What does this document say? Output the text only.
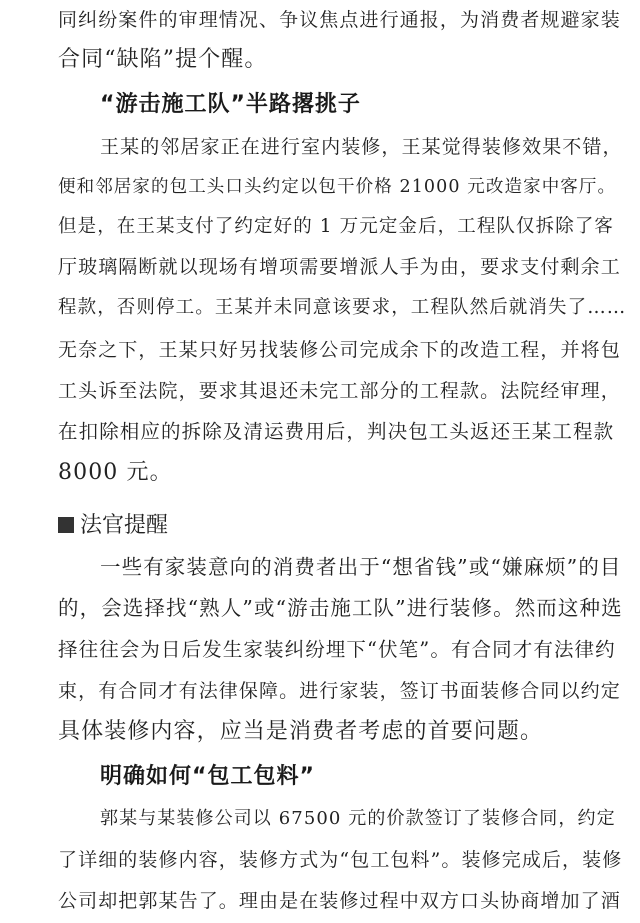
同纠纷案件的审理情况、争议焦点进行通报，为消费者规避家装
合同“缺陷”提个醒。
“游击施工队”半路撂挑子
王某的邻居家正在进行室内装修，王某觉得装修效果不错，
便和邻居家的包工头口头约定以包干价格 21000 元改造家中客厅。
但是，在王某支付了约定好的 1 万元定金后，工程队仅拆除了客
厅玻璃隔断就以现场有增项需要增派人手为由，要求支付剩余工
程款，否则停工。王某并未同意该要求，工程队然后就消失了……
无奈之下，王某只好另找装修公司完成余下的改造工程，并将包
工头诉至法院，要求其退还未完工部分的工程款。法院经审理，
在扣除相应的拆除及清运费用后，判决包工头返还王某工程款
8000 元。
法官提醒
一些有家装意向的消费者出于“想省钱”或“嫌麻烦”的目
的，会选择找“熟人”或“游击施工队”进行装修。然而这种选
择往往会为日后发生家装纠纷埋下“伏笔”。有合同才有法律约
束，有合同才有法律保障。进行家装，签订书面装修合同以约定
具体装修内容，应当是消费者考虑的首要问题。
明确如何“包工包料”
郭某与某装修公司以 67500 元的价款签订了装修合同，约定
了详细的装修内容，装修方式为“包工包料”。装修完成后，装修
公司却把郭某告了。理由是在装修过程中双方口头协商增加了酒
